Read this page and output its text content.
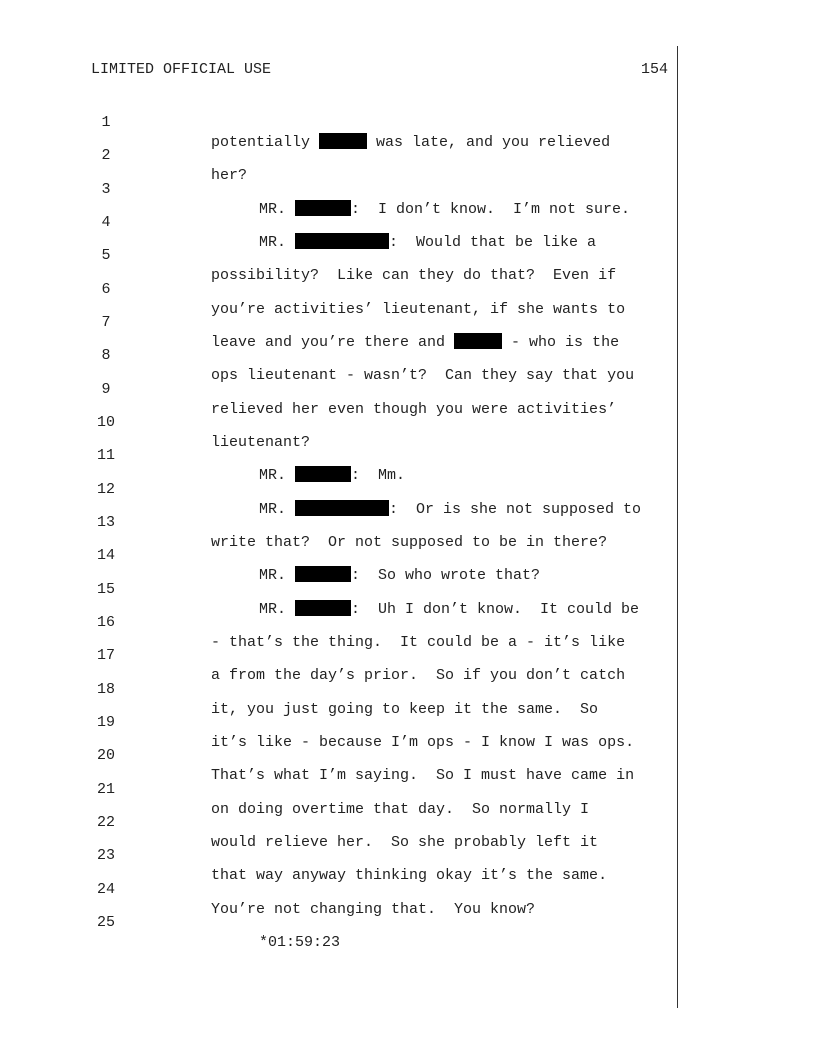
LIMITED OFFICIAL USE	154

1

potentially	was late, and you relieved

2

her?

3

MR.	:  I don’t know.  I’m not sure.

4

MR.	:  Would that be like a

5

possibility?  Like can they do that?  Even if

6

you’re activities’ lieutenant, if she wants to

7

leave and you’re there and	- who is the

8

ops lieutenant - wasn’t?  Can they say that you

9

relieved her even though you were activities’

10

lieutenant?

11

MR.	:  Mm.

12

MR.	:  Or is she not supposed to

13

write that?  Or not supposed to be in there?

14

MR.	:  So who wrote that?

15

MR.	:  Uh I don’t know.  It could be

16

- that’s the thing.  It could be a - it’s like

17

a from the day’s prior.  So if you don’t catch

18

it, you just going to keep it the same.  So

19

it’s like - because I’m ops - I know I was ops.

20

That’s what I’m saying.  So I must have came in

21

on doing overtime that day.  So normally I

22

would relieve her.  So she probably left it

23

that way anyway thinking okay it’s the same.

24

You’re not changing that.  You know?

25

*01:59:23
